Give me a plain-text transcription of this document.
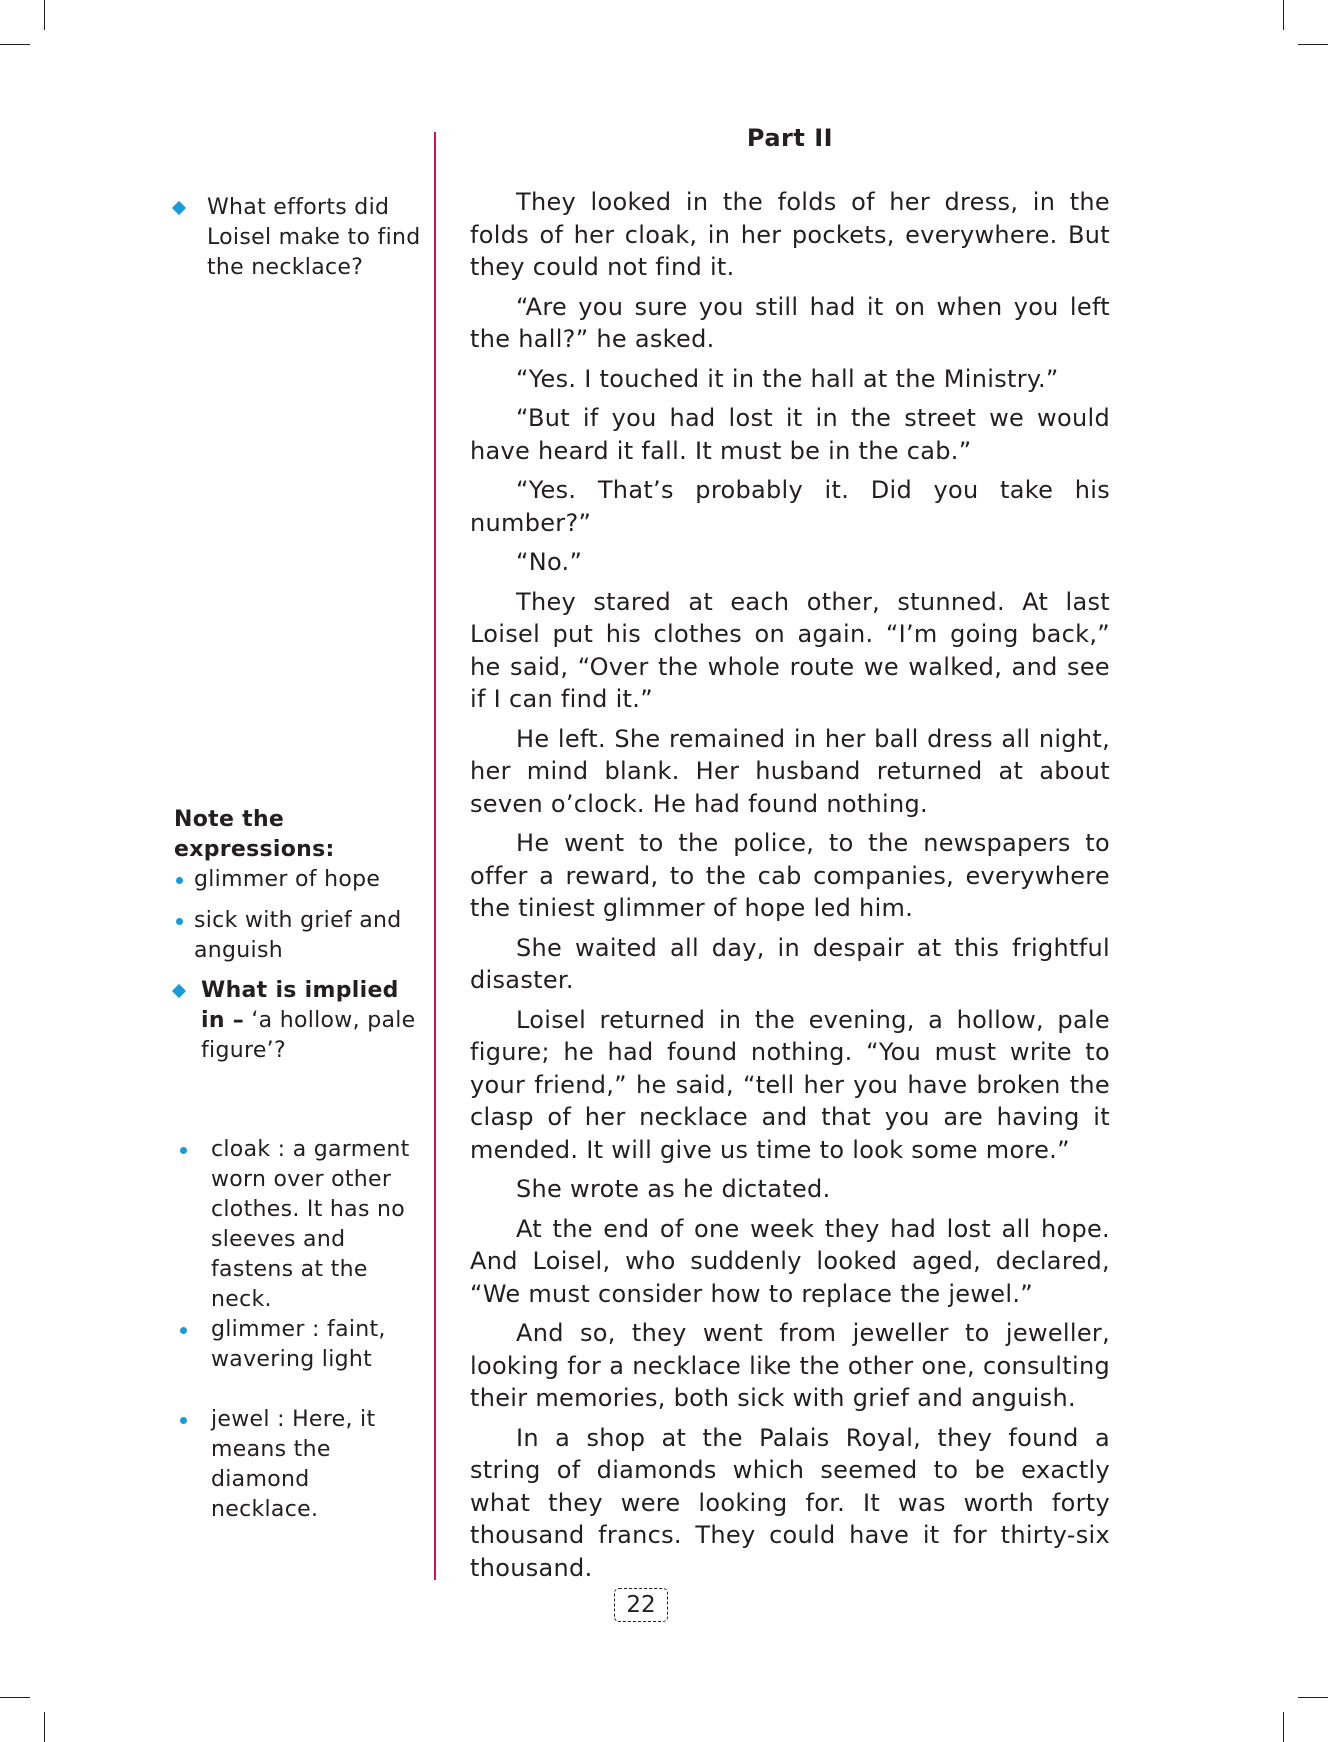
Part II
What efforts did Loisel make to find the necklace?
Note the expressions:
glimmer of hope
sick with grief and anguish
What is implied in – ‘a hollow, pale figure’?
cloak : a garment worn over other clothes. It has no sleeves and fastens at the neck.
glimmer : faint, wavering light
jewel : Here, it means the diamond necklace.

They looked in the folds of her dress, in the folds of her cloak, in her pockets, everywhere. But they could not find it.

“Are you sure you still had it on when you left the hall?” he asked.

“Yes. I touched it in the hall at the Ministry.”

“But if you had lost it in the street we would have heard it fall. It must be in the cab.”

“Yes. That’s probably it. Did you take his number?”

“No.”

They stared at each other, stunned. At last Loisel put his clothes on again. “I’m going back,” he said, “Over the whole route we walked, and see if I can find it.”

He left. She remained in her ball dress all night, her mind blank. Her husband returned at about seven o’clock. He had found nothing.

He went to the police, to the newspapers to offer a reward, to the cab companies, everywhere the tiniest glimmer of hope led him.

She waited all day, in despair at this frightful disaster.

Loisel returned in the evening, a hollow, pale figure; he had found nothing. “You must write to your friend,” he said, “tell her you have broken the clasp of her necklace and that you are having it mended. It will give us time to look some more.”

She wrote as he dictated.

At the end of one week they had lost all hope. And Loisel, who suddenly looked aged, declared, “We must consider how to replace the jewel.”

And so, they went from jeweller to jeweller, looking for a necklace like the other one, consulting their memories, both sick with grief and anguish.

In a shop at the Palais Royal, they found a string of diamonds which seemed to be exactly what they were looking for. It was worth forty thousand francs. They could have it for thirty-six thousand.

22
